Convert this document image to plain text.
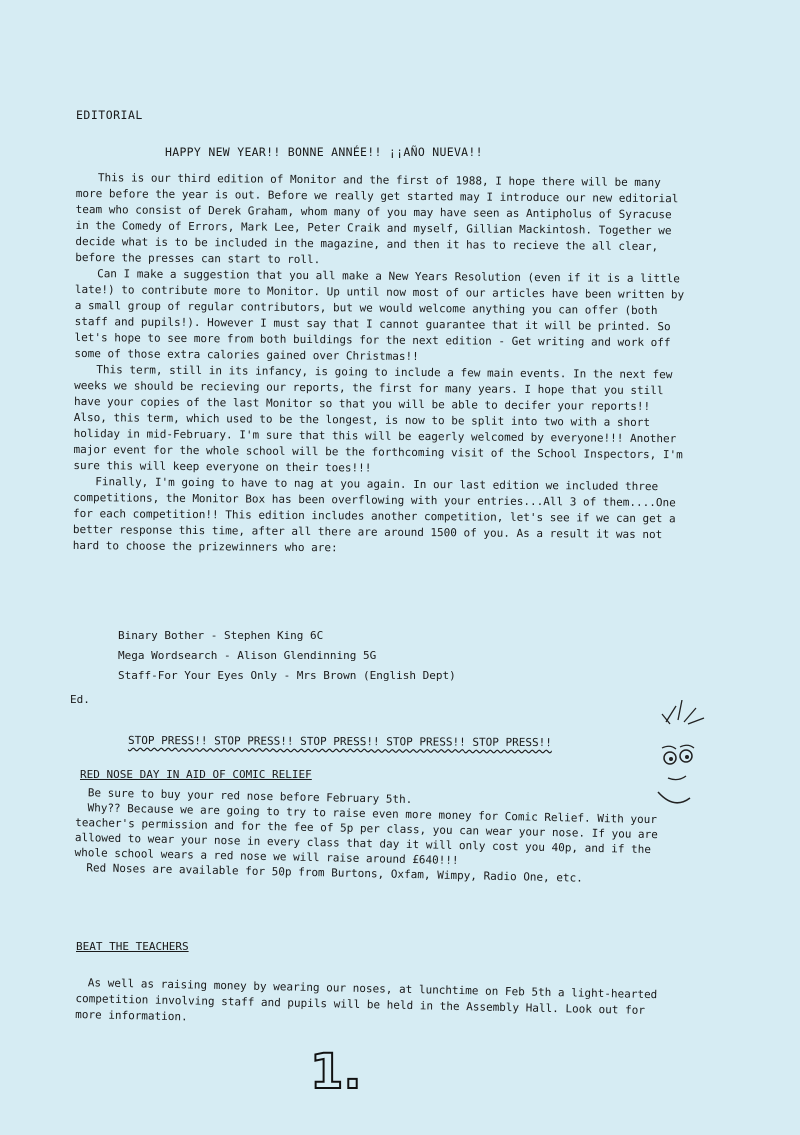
EDITORIAL
HAPPY NEW YEAR!! BONNE ANNÉE!! ¡¡AÑO NUEVA!!

This is our third edition of Monitor and the first of 1988, I hope there will be many more before the year is out. Before we really get started may I introduce our new editorial team who consist of Derek Graham, whom many of you may have seen as Antipholus of Syracuse in the Comedy of Errors, Mark Lee, Peter Craik and myself, Gillian Mackintosh. Together we decide what is to be included in the magazine, and then it has to recieve the all clear, before the presses can start to roll.

Can I make a suggestion that you all make a New Years Resolution (even if it is a little late!) to contribute more to Monitor. Up until now most of our articles have been written by a small group of regular contributors, but we would welcome anything you can offer (both staff and pupils!). However I must say that I cannot guarantee that it will be printed. So let's hope to see more from both buildings for the next edition - Get writing and work off some of those extra calories gained over Christmas!!

This term, still in its infancy, is going to include a few main events. In the next few weeks we should be recieving our reports, the first for many years. I hope that you still have your copies of the last Monitor so that you will be able to decifer your reports!! Also, this term, which used to be the longest, is now to be split into two with a short holiday in mid-February. I'm sure that this will be eagerly welcomed by everyone!!! Another major event for the whole school will be the forthcoming visit of the School Inspectors, I'm sure this will keep everyone on their toes!!!

Finally, I'm going to have to nag at you again. In our last edition we included three competitions, the Monitor Box has been overflowing with your entries...All 3 of them....One for each competition!! This edition includes another competition, let's see if we can get a better response this time, after all there are around 1500 of you. As a result it was not hard to choose the prizewinners who are:

Binary Bother - Stephen King 6C
Mega Wordsearch - Alison Glendinning 5G
Staff-For Your Eyes Only - Mrs Brown (English Dept)
Ed.
STOP PRESS!! STOP PRESS!! STOP PRESS!! STOP PRESS!! STOP PRESS!!
RED NOSE DAY IN AID OF COMIC RELIEF

Be sure to buy your red nose before February 5th.

Why?? Because we are going to try to raise even more money for Comic Relief. With your teacher's permission and for the fee of 5p per class, you can wear your nose. If you are allowed to wear your nose in every class that day it will only cost you 40p, and if the whole school wears a red nose we will raise around £640!!!

Red Noses are available for 50p from Burtons, Oxfam, Wimpy, Radio One, etc.

BEAT THE TEACHERS

As well as raising money by wearing our noses, at lunchtime on Feb 5th a light-hearted competition involving staff and pupils will be held in the Assembly Hall. Look out for more information.

1.
